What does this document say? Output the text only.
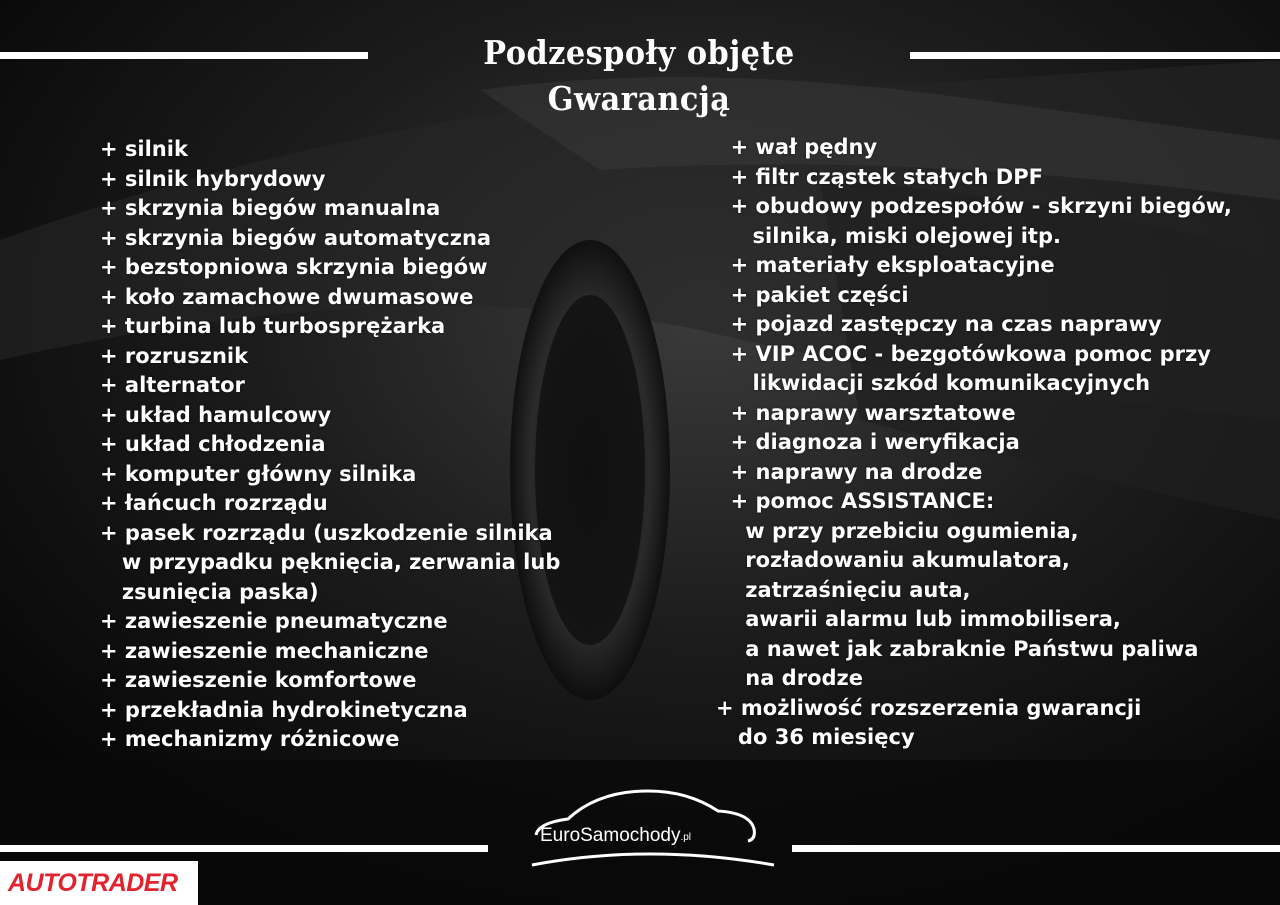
Podzespoły objęte Gwarancją
+ silnik
+ silnik hybrydowy
+ skrzynia biegów manualna
+ skrzynia biegów automatyczna
+ bezstopniowa skrzynia biegów
+ koło zamachowe dwumasowe
+ turbina lub turbosprężarka
+ rozrusznik
+ alternator
+ układ hamulcowy
+ układ chłodzenia
+ komputer główny silnika
+ łańcuch rozrządu
+ pasek rozrządu (uszkodzenie silnika
w przypadku pęknięcia, zerwania lub
zsunięcia paska)
+ zawieszenie pneumatyczne
+ zawieszenie mechaniczne
+ zawieszenie komfortowe
+ przekładnia hydrokinetyczna
+ mechanizmy różnicowe
+ wał pędny
+ filtr cząstek stałych DPF
+ obudowy podzespołów - skrzyni biegów,
silnika, miski olejowej itp.
+ materiały eksploatacyjne
+ pakiet części
+ pojazd zastępczy na czas naprawy
+ VIP ACOC - bezgotówkowa pomoc przy
likwidacji szkód komunikacyjnych
+ naprawy warsztatowe
+ diagnoza i weryfikacja
+ naprawy na drodze
+ pomoc ASSISTANCE:
w przy przebiciu ogumienia,
rozładowaniu akumulatora,
zatrzaśnięciu auta,
awarii alarmu lub immobilisera,
a nawet jak zabraknie Państwu paliwa
na drodze
+ możliwość rozszerzenia gwarancji
do 36 miesięcy
EuroSamochody.pl
AUTOTRADER
